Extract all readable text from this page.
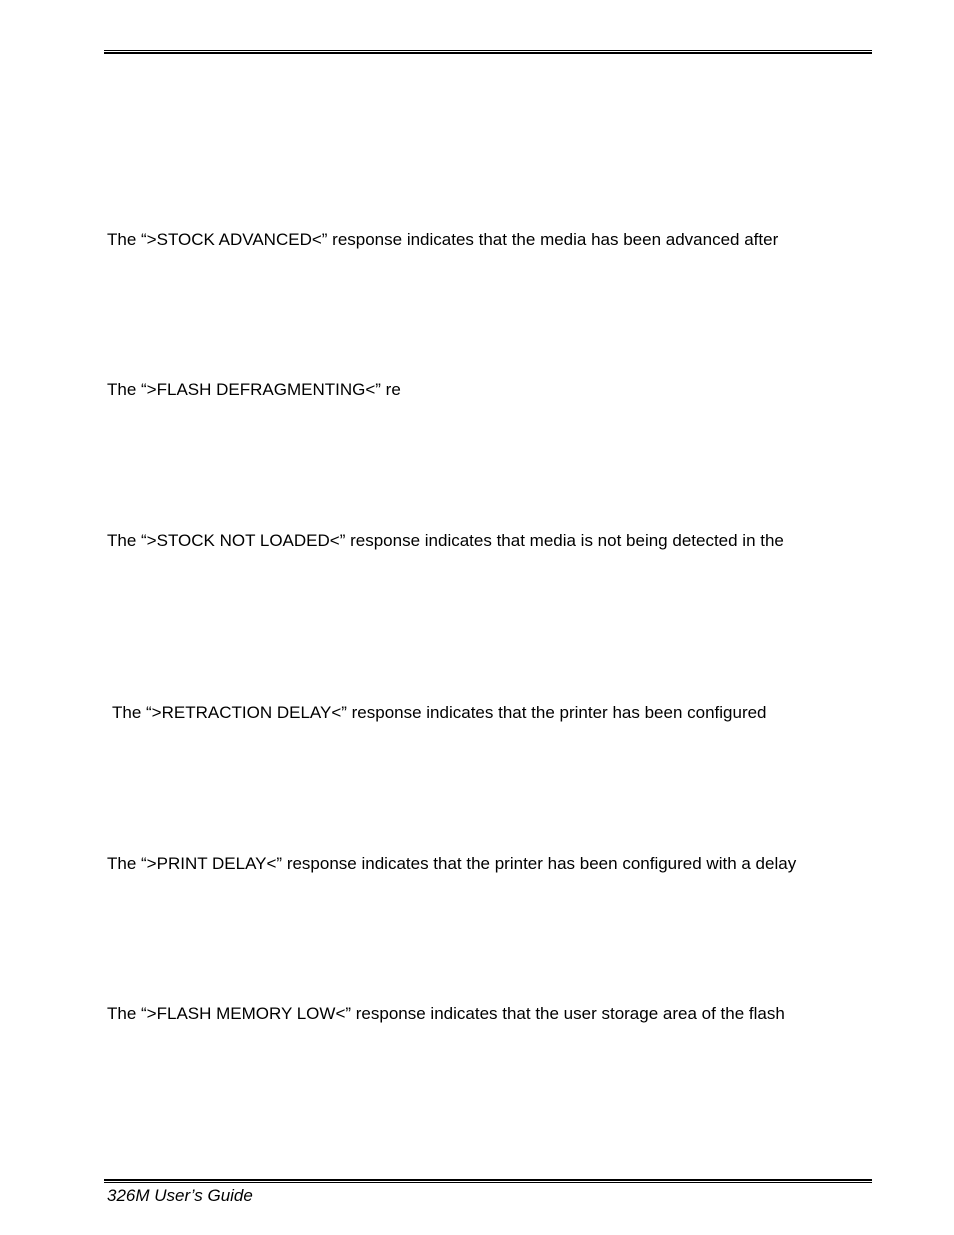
The “>STOCK ADVANCED<” response indicates that the media has been advanced after
The “>FLASH DEFRAGMENTING<” re
The “>STOCK NOT LOADED<” response indicates that media is not being detected in the
The “>RETRACTION DELAY<” response indicates that the printer has been configured
The “>PRINT DELAY<” response indicates that the printer has been configured with a delay
The “>FLASH MEMORY LOW<” response indicates that the user storage area of the flash
326M User’s Guide
